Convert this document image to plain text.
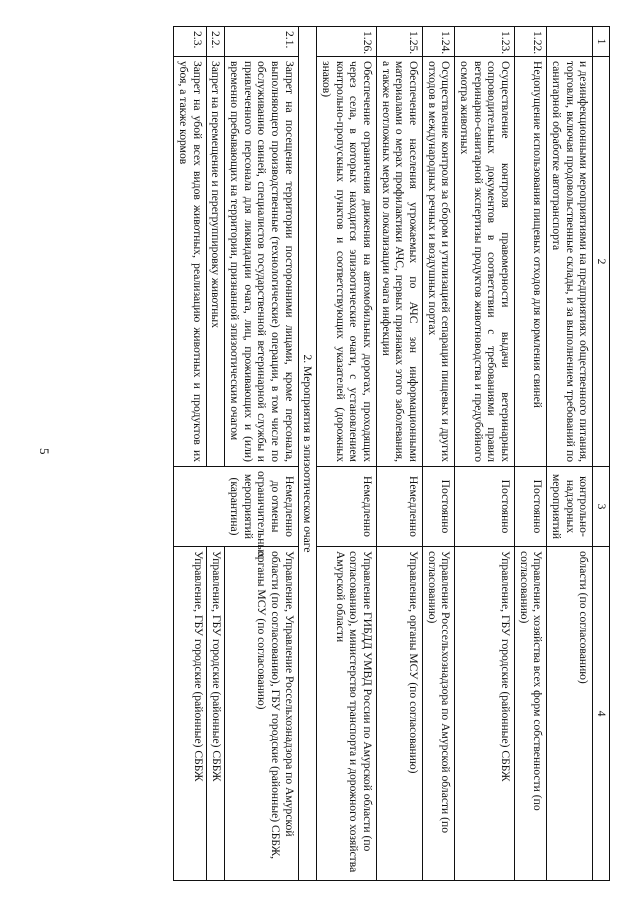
5
1	2	3	4
	и дезинфекционными мероприятиями на предприятиях общественного питания, торговли, включая продовольственные склады, и за выполнением требований по санитарной обработке автотранспорта	контрольно-надзорных мероприятий	области (по согласованию)
1.22.	Недопущение использования пищевых отходов для кормления свиней	Постоянно	Управление, хозяйства всех форм собственности (по согласованию)
1.23.	Осуществление контроля правомерности выдачи ветеринарных сопроводительных документов в соответствии с требованиями правил ветеринарно-санитарной экспертизы продуктов животноводства и предубойного осмотра животных	Постоянно	Управление, ГБУ городские (районные) СББЖ
1.24.	Осуществление контроля за сбором и утилизацией сепарации пищевых и других отходов в международных речных и воздушных портах	Постоянно	Управление Россельхознадзора по Амурской области (по согласованию)
1.25.	Обеспечение населения угрожаемых по АЧС зон информационными материалами о мерах профилактики АЧС, первых признаках этого заболевания, а также неотложных мерах по локализации очага инфекции	Немедленно	Управление, органы МСУ (по согласованию)
1.26.	Обеспечение ограничения движения на автомобильных дорогах, проходящих через села, в которых находится эпизоотические очаги, с установлением контрольно-пропускных пунктов и соответствующих указателей (дорожных знаков)	Немедленно	Управление ГИБДД УМВД России по Амурской области (по согласованию), министерство транспорта и дорожного хозяйства Амурской области
2. Мероприятия в эпизоотическом очаге			
2.1.	Запрет на посещение территории посторонними лицами, кроме персонала, выполняющего производственные (технологические) операции, в том числе по обслуживанию свиней, специалистов государственной ветеринарной службы и привлеченного персонала для ликвидации очага, лиц, проживающих и (или) временно пребывающих на территории, признанной эпизоотическим очагом	Немедленно до отмены ограничительных мероприятий (карантина)	Управление, Управление Россельхознадзора по Амурской области (по согласованию), ГБУ городские (районные) СББЖ, органы МСУ (по согласованию)
2.2.	Запрет на перемещение и перегруппировку животных		Управление, ГБУ городские (районные) СББЖ
2.3.	Запрет на убой всех видов животных, реализацию животных и продуктов их убоя, а также кормов		Управление, ГБУ городские (районные) СББЖ
